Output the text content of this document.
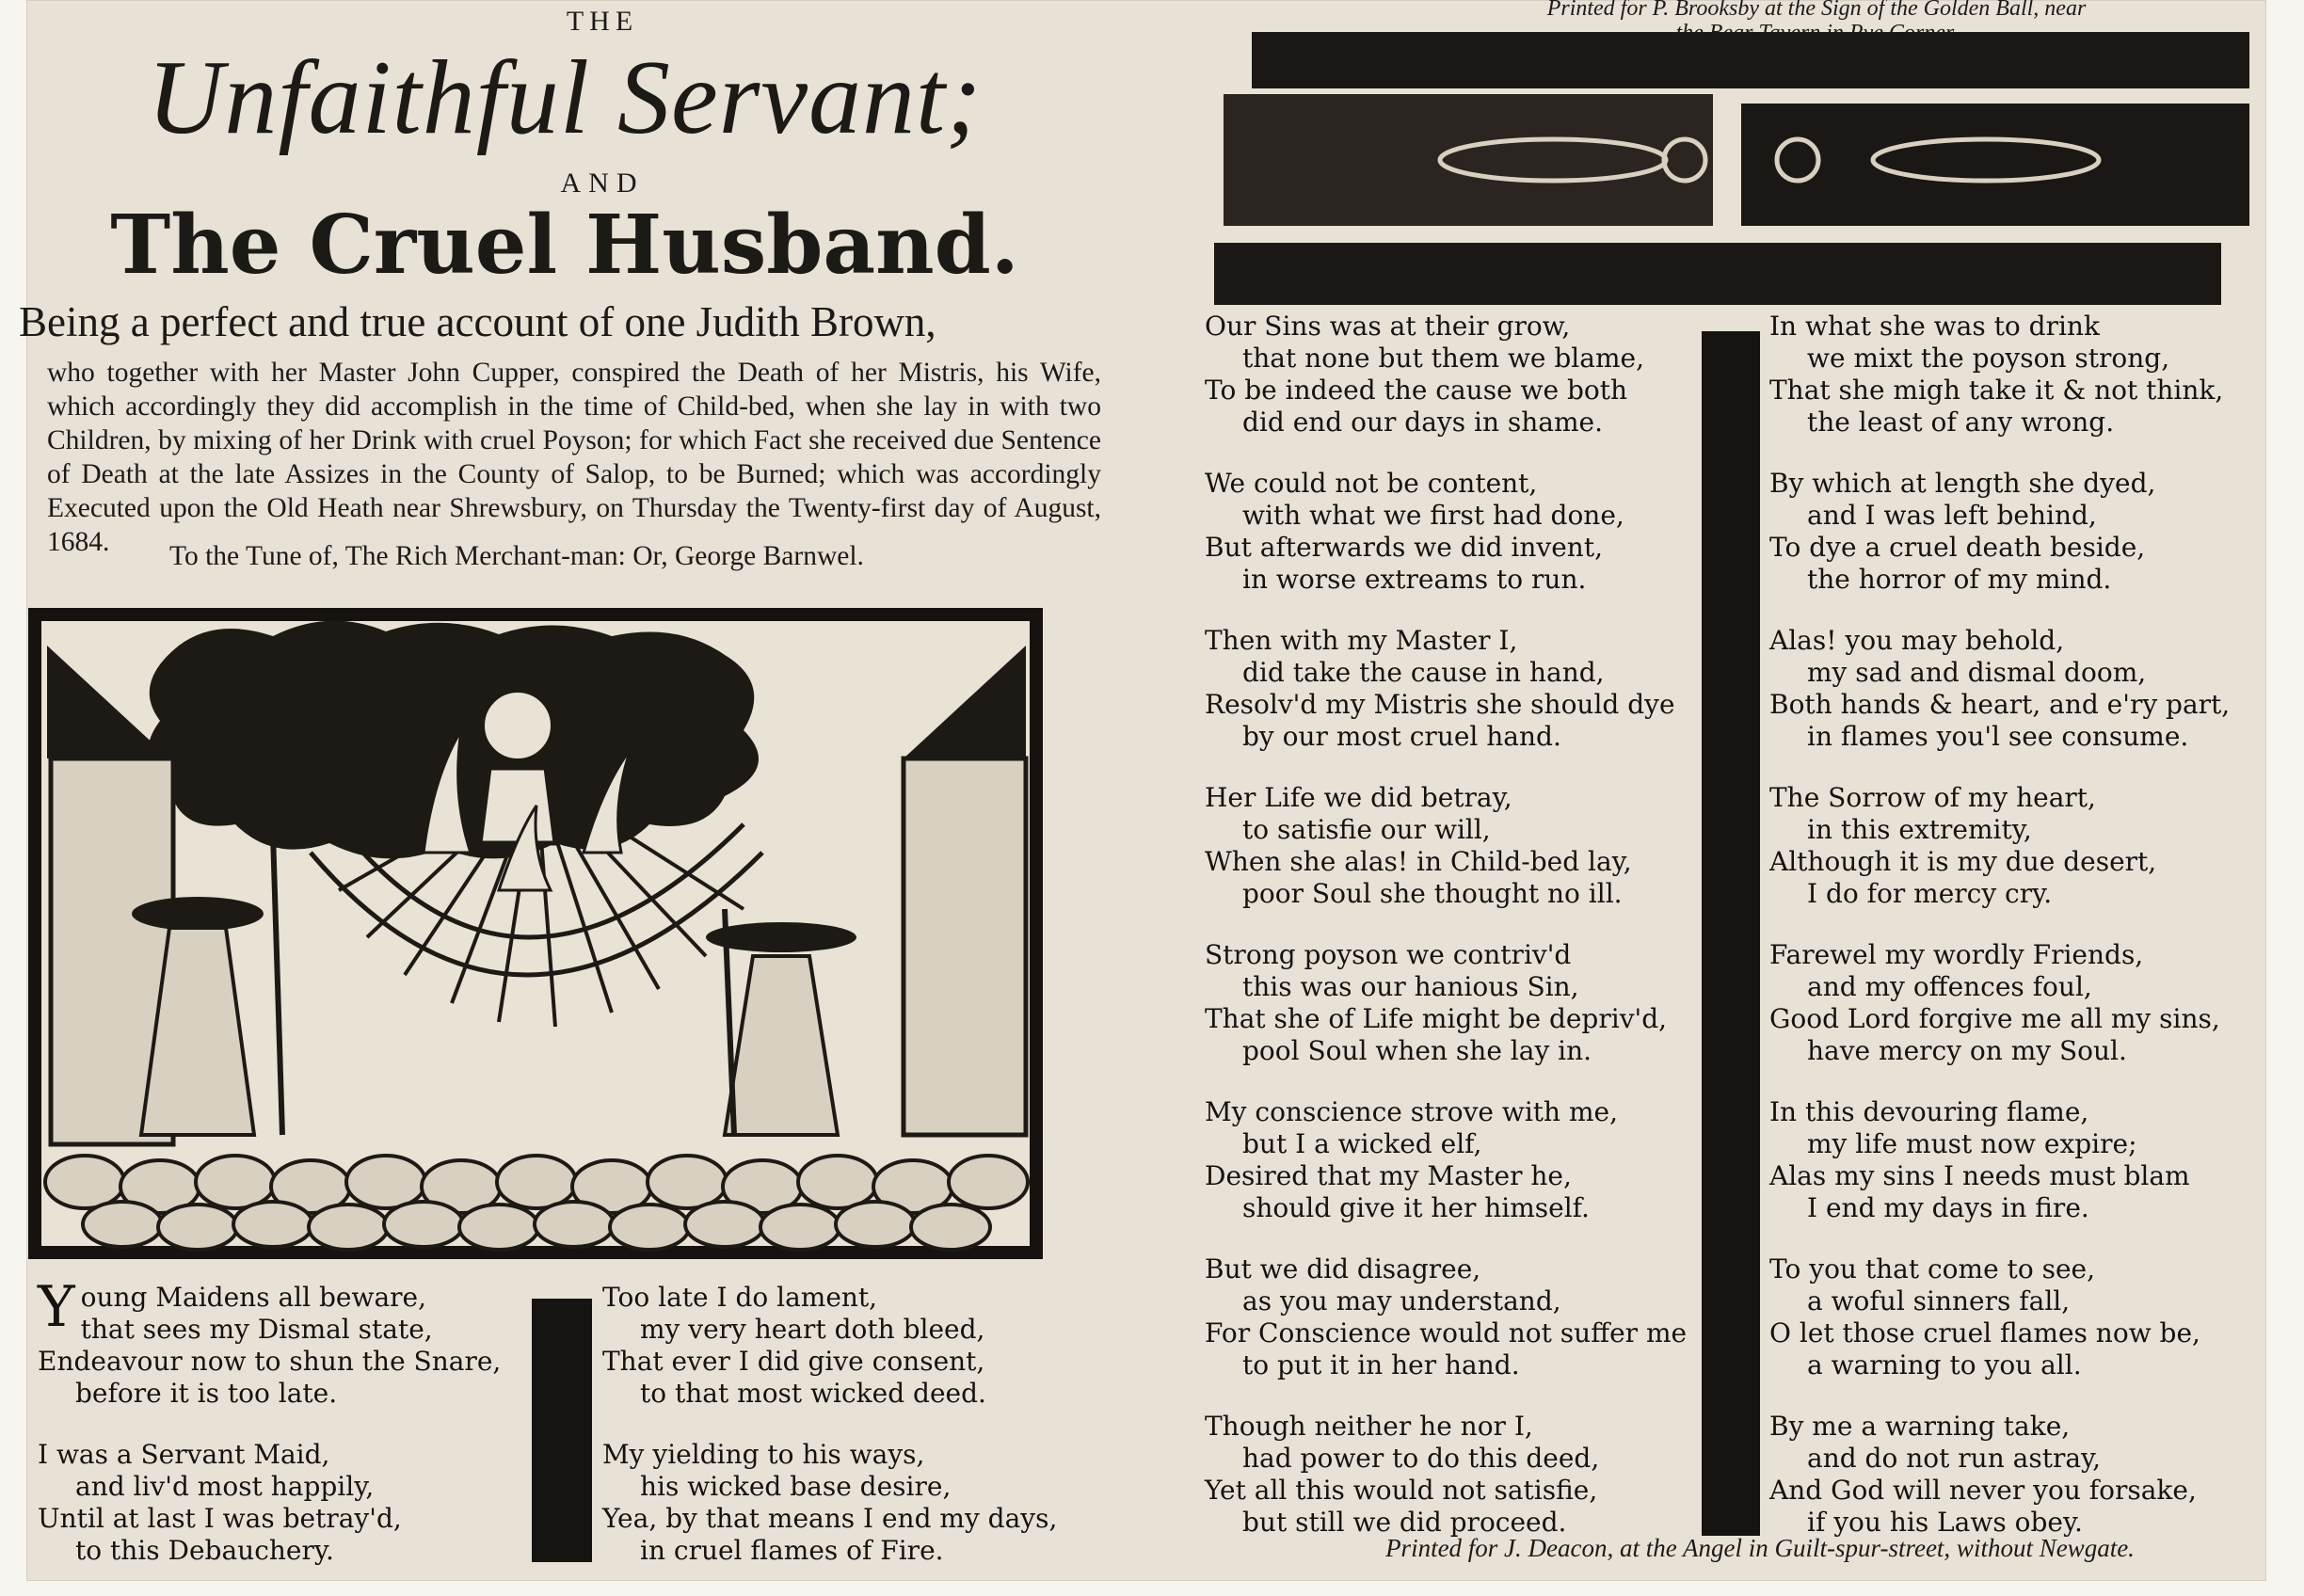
Printed for P. Brooksby at the Sign of the Golden Ball, near
THE
Unfaithful Servant;
AND
The Cruel Husband.
Being a perfect and true account of one Judith Brown,
who together with her Master John Cupper, conspired the Death of her Mistris, his Wife, which accordingly they did accomplish in the time of Child-bed, when she lay in with two Children, by mixing of her Drink with cruel Poyson; for which Fact she received due Sentence of Death at the late Assizes in the County of Salop, to be Burned; which was accordingly Executed upon the Old Heath near Shrewsbury, on Thursday the Twenty-first day of August, 1684.	To the Tune of, The Rich Merchant-man: Or, George Barnwel.
Y oung Maidens all beware,
that sees my Dismal state,
Endeavour now to shun the Snare,
before it is too late.
I was a Servant Maid,
and liv'd most happily,
Until at last I was betray'd,
to this Debauchery.
Too late I do lament,
my very heart doth bleed,
That ever I did give consent,
to that most wicked deed.
My yielding to his ways,
his wicked base desire,
Yea, by that means I end my days,
in cruel flames of Fire.
Our Sins was at their grow,
that none but them we blame,
To be indeed the cause we both
did end our days in shame.
We could not be content,
with what we first had done,
But afterwards we did invent,
in worse extreams to run.
Then with my Master I,
did take the cause in hand,
Resolv'd my Mistris she should dye
by our most cruel hand.
Her Life we did betray,
to satisfie our will,
When she alas! in Child-bed lay,
poor Soul she thought no ill.
Strong poyson we contriv'd
this was our hanious Sin,
That she of Life might be depriv'd,
pool Soul when she lay in.
My conscience strove with me,
but I a wicked elf,
Desired that my Master he,
should give it her himself.
But we did disagree,
as you may understand,
For Conscience would not suffer me
to put it in her hand.
Though neither he nor I,
had power to do this deed,
Yet all this would not satisfie,
but still we did proceed.
In what she was to drink
we mixt the poyson strong,
That she migh take it & not think,
the least of any wrong.
By which at length she dyed,
and I was left behind,
To dye a cruel death beside,
the horror of my mind.
Alas! you may behold,
my sad and dismal doom,
Both hands & heart, and e'ry part,
in flames you'l see consume.
The Sorrow of my heart,
in this extremity,
Although it is my due desert,
I do for mercy cry.
Farewel my wordly Friends,
and my offences foul,
Good Lord forgive me all my sins,
have mercy on my Soul.
In this devouring flame,
my life must now expire;
Alas my sins I needs must blam
I end my days in fire.
To you that come to see,
a woful sinners fall,
O let those cruel flames now be,
a warning to you all.
By me a warning take,
and do not run astray,
And God will never you forsake,
if you his Laws obey.
Printed for J. Deacon, at the Angel in Guilt-spur-street, without Newgate.
